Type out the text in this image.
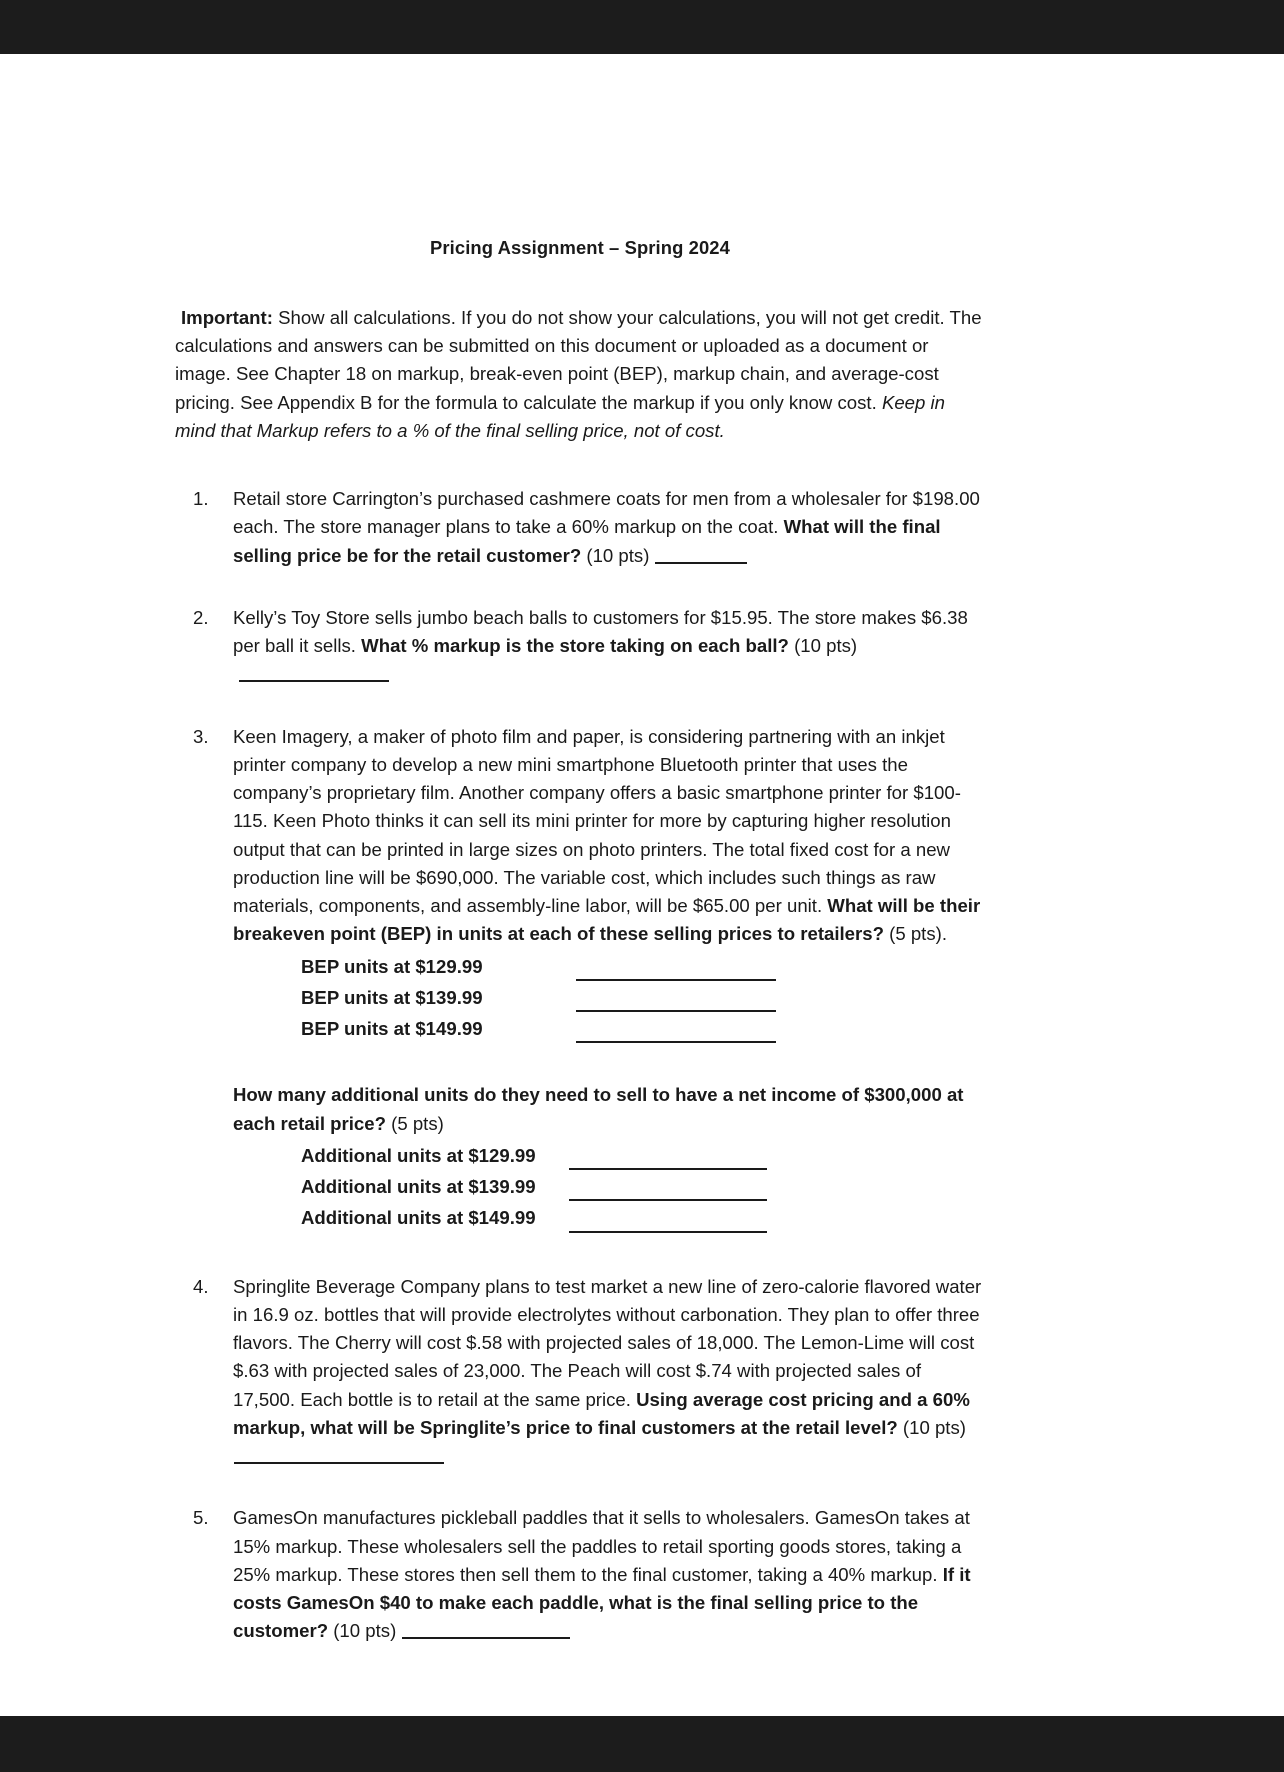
Pricing Assignment – Spring 2024

Important: Show all calculations. If you do not show your calculations, you will not get credit. The calculations and answers can be submitted on this document or uploaded as a document or image. See Chapter 18 on markup, break-even point (BEP), markup chain, and average-cost pricing. See Appendix B for the formula to calculate the markup if you only know cost. Keep in mind that Markup refers to a % of the final selling price, not of cost.

1.	Retail store Carrington’s purchased cashmere coats for men from a wholesaler for $198.00 each. The store manager plans to take a 60% markup on the coat. What will the final selling price be for the retail customer? (10 pts)
2.	Kelly’s Toy Store sells jumbo beach balls to customers for $15.95. The store makes $6.38 per ball it sells. What % markup is the store taking on each ball? (10 pts)
3.	Keen Imagery, a maker of photo film and paper, is considering partnering with an inkjet printer company to develop a new mini smartphone Bluetooth printer that uses the company’s proprietary film. Another company offers a basic smartphone printer for $100-115. Keen Photo thinks it can sell its mini printer for more by capturing higher resolution output that can be printed in large sizes on photo printers. The total fixed cost for a new production line will be $690,000. The variable cost, which includes such things as raw materials, components, and assembly-line labor, will be $65.00 per unit. What will be their breakeven point (BEP) in units at each of these selling prices to retailers? (5 pts).
BEP units at $129.99
BEP units at $139.99
BEP units at $149.99
How many additional units do they need to sell to have a net income of $300,000 at each retail price? (5 pts)
Additional units at $129.99
Additional units at $139.99
Additional units at $149.99
4.	Springlite Beverage Company plans to test market a new line of zero-calorie flavored water in 16.9 oz. bottles that will provide electrolytes without carbonation. They plan to offer three flavors. The Cherry will cost $.58 with projected sales of 18,000. The Lemon-Lime will cost $.63 with projected sales of 23,000. The Peach will cost $.74 with projected sales of 17,500. Each bottle is to retail at the same price. Using average cost pricing and a 60% markup, what will be Springlite’s price to final customers at the retail level? (10 pts)
5.	GamesOn manufactures pickleball paddles that it sells to wholesalers. GamesOn takes at 15% markup. These wholesalers sell the paddles to retail sporting goods stores, taking a 25% markup. These stores then sell them to the final customer, taking a 40% markup. If it costs GamesOn $40 to make each paddle, what is the final selling price to the customer? (10 pts)
